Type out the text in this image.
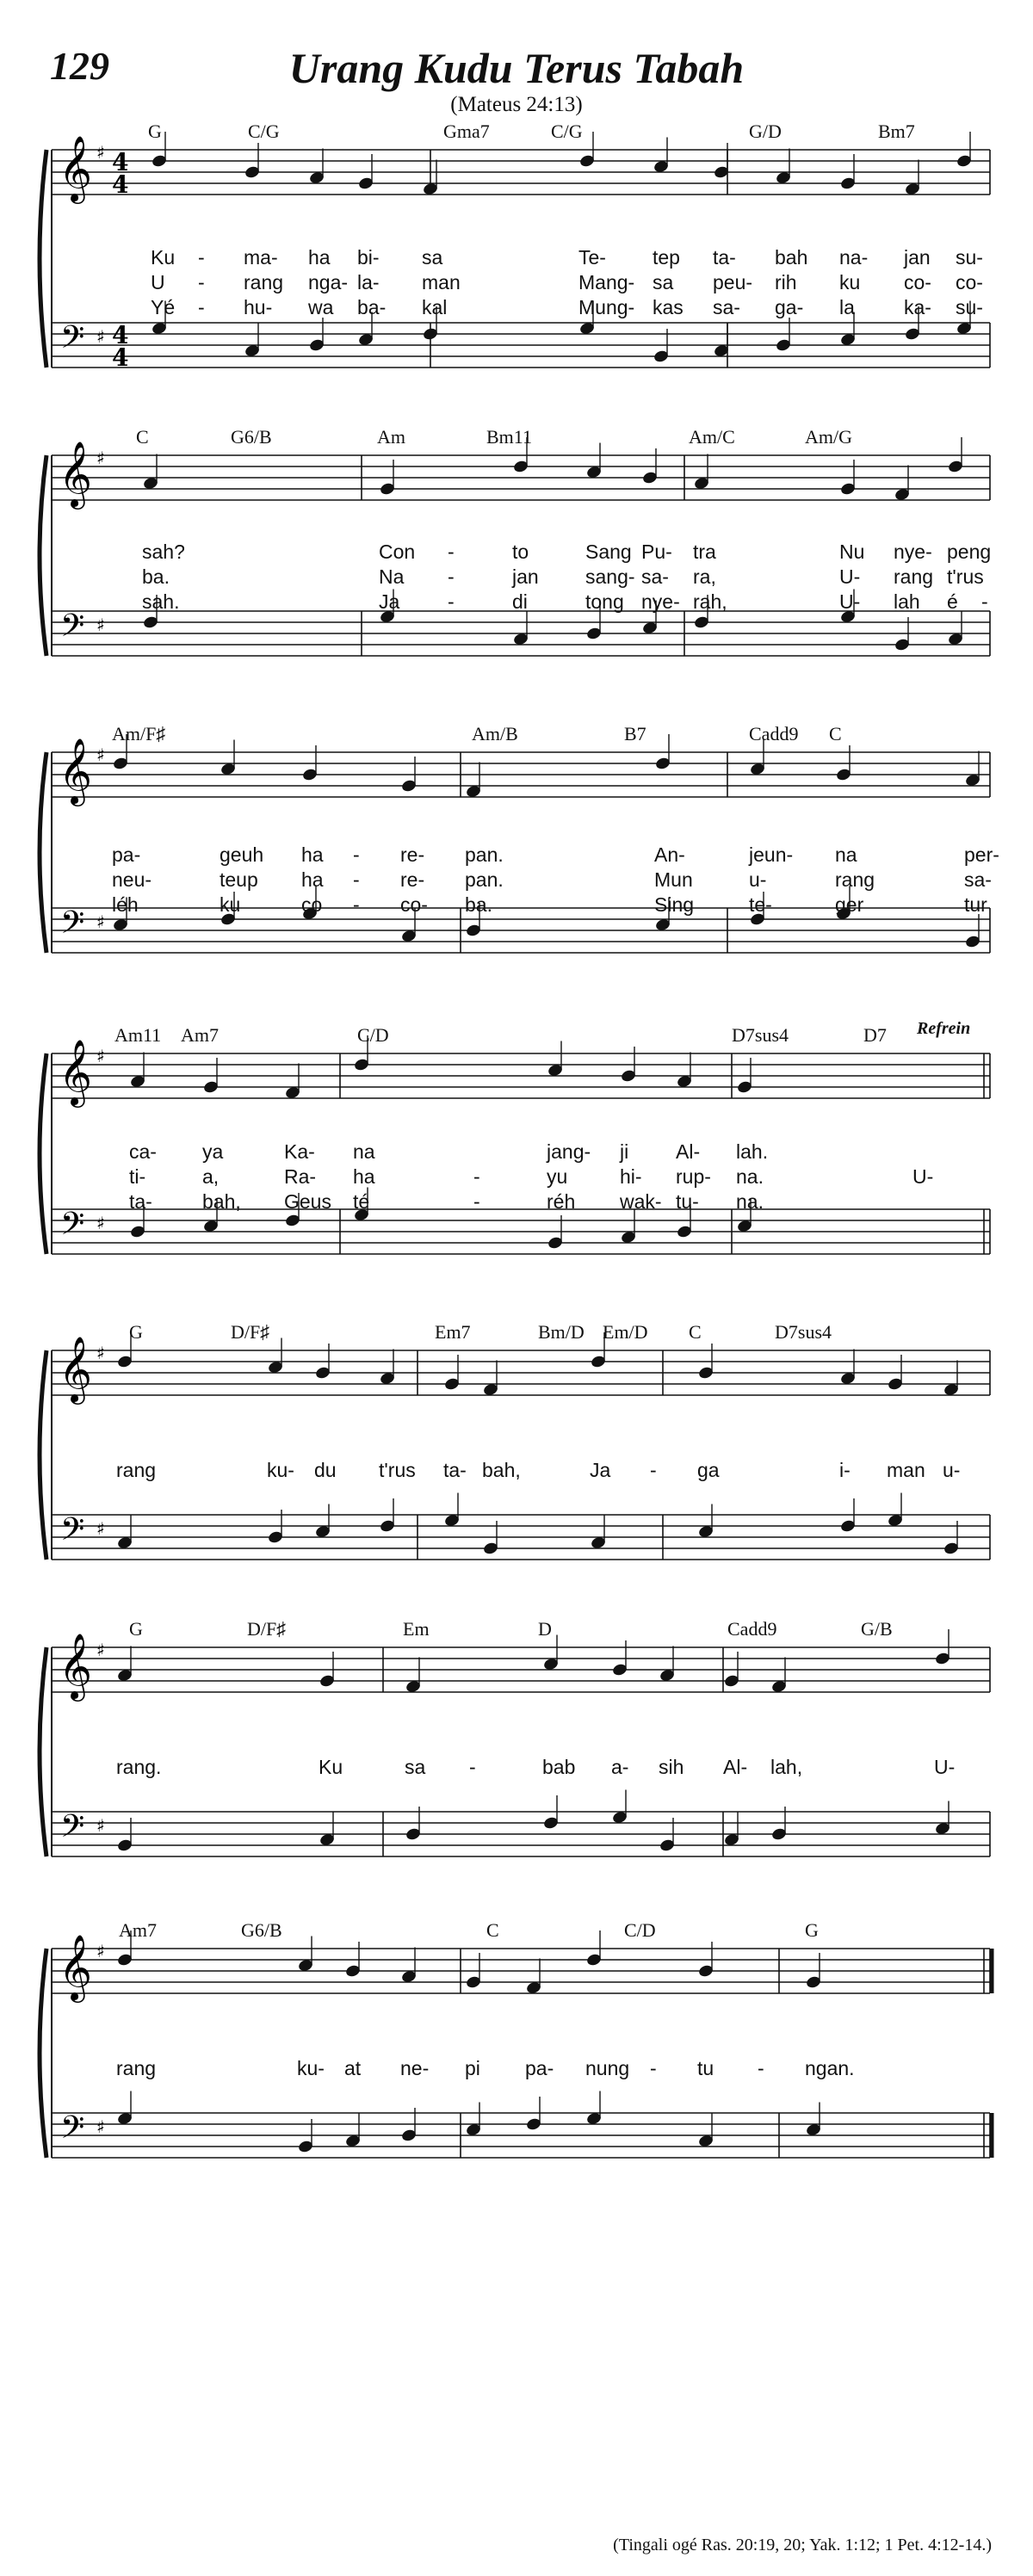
129	Urang Kudu Terus Tabah
(Mateus 24:13)
𝄞
𝄢
♯
♯
4
4
4
4
G	C/G	Gma7	C/G	G/D	Bm7
Ku - ma- ha bi- sa	Te- tep ta- bah na- jan su-
U - rang nga- la- man	Mang- sa peu- rih ku co- co-
Yé - hu- wa ba- kal	Mung- kas sa- ga- la ka- su-
𝄞
𝄢
♯
♯
C	G6/B	Am	Bm11	Am/C	Am/G
sah?	Con -	to	Sang Pu- tra	Nu nye- peng
ba.	Na -	jan sang- sa- ra,	U- rang t'rus
sah.	Ja -	di	tong nye- rah,	U- lah é -
𝄞
𝄢
♯
♯
Am/F♯	Am/B	B7	Cadd9 C
pa-	geuh ha - re- pan.	An-	jeun- na	per-
neu-	teup ha - re- pan.	Mun	u-	rang	sa-
léh	ku	co - co- ba.	Sing	te-	ger	tur
𝄞
𝄢
♯
♯
Am11 Am7	C/D	D7sus4	D7 Refrein
ca- ya	Ka- na	jang- ji Al- lah.
ti-	a,	Ra- ha	-	yu	hi- rup- na.	U-
ta-	bah, Geus té	-	réh wak- tu- na.
𝄞
𝄢
♯
♯
G	D/F♯	Em7	Bm/D Em/D C	D7sus4
rang	ku- du t'rus ta- bah,	Ja - ga	i- man u-
𝄞
𝄢
♯
♯
G	D/F♯	Em	D	Cadd9	G/B
rang.	Ku	sa -	bab a- sih Al- lah,	U-
𝄞
𝄢
♯
♯
Am7	G6/B	C	C/D	G
rang	ku- at ne- pi pa- nung - tu - ngan.
(Tingali ogé Ras. 20:19, 20; Yak. 1:12; 1 Pet. 4:12-14.)
